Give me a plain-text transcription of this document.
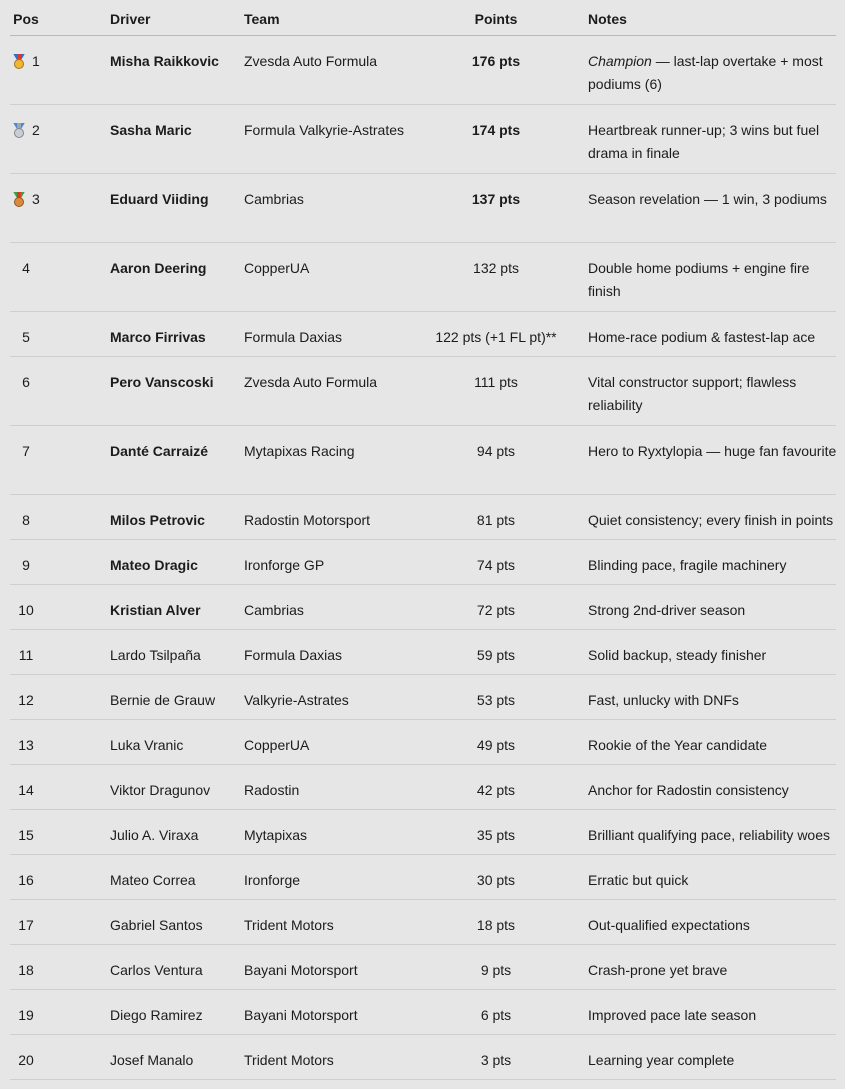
Pos	Driver	Team	Points	Notes
1	Misha Raikkovic	Zvesda Auto Formula	176 pts	Champion — last-lap overtake + most podiums (6)
2	Sasha Maric	Formula Valkyrie-Astrates	174 pts	Heartbreak runner-up; 3 wins but fuel drama in finale
3	Eduard Viiding	Cambrias	137 pts	Season revelation — 1 win, 3 podiums
4	Aaron Deering	CopperUA	132 pts	Double home podiums + engine fire finish
5	Marco Firrivas	Formula Daxias	122 pts (+1 FL pt)**	Home-race podium & fastest-lap ace
6	Pero Vanscoski	Zvesda Auto Formula	111 pts	Vital constructor support; flawless reliability
7	Danté Carraizé	Mytapixas Racing	94 pts	Hero to Ryxtylopia — huge fan favourite
8	Milos Petrovic	Radostin Motorsport	81 pts	Quiet consistency; every finish in points
9	Mateo Dragic	Ironforge GP	74 pts	Blinding pace, fragile machinery
10	Kristian Alver	Cambrias	72 pts	Strong 2nd-driver season
11	Lardo Tsilpaña	Formula Daxias	59 pts	Solid backup, steady finisher
12	Bernie de Grauw	Valkyrie-Astrates	53 pts	Fast, unlucky with DNFs
13	Luka Vranic	CopperUA	49 pts	Rookie of the Year candidate
14	Viktor Dragunov	Radostin	42 pts	Anchor for Radostin consistency
15	Julio A. Viraxa	Mytapixas	35 pts	Brilliant qualifying pace, reliability woes
16	Mateo Correa	Ironforge	30 pts	Erratic but quick
17	Gabriel Santos	Trident Motors	18 pts	Out-qualified expectations
18	Carlos Ventura	Bayani Motorsport	9 pts	Crash-prone yet brave
19	Diego Ramirez	Bayani Motorsport	6 pts	Improved pace late season
20	Josef Manalo	Trident Motors	3 pts	Learning year complete
